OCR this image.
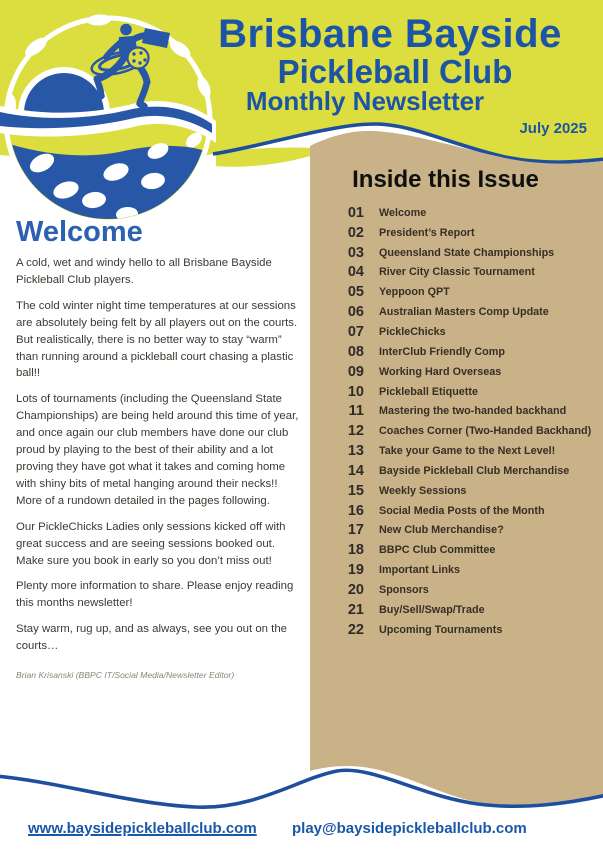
Brisbane Bayside
Pickleball Club
Monthly Newsletter
July 2025
Welcome

A cold, wet and windy hello to all Brisbane Bayside Pickleball Club players.

The cold winter night time temperatures at our sessions are absolutely being felt by all players out on the courts. But realistically, there is no better way to stay “warm” than running around a pickleball court chasing a plastic ball!!

Lots of tournaments (including the Queensland State Championships) are being held around this time of year, and once again our club members have done our club proud by playing to the best of their ability and a lot proving they have got what it takes and coming home with shiny bits of metal hanging around their necks!! More of a rundown detailed in the pages following.

Our PickleChicks Ladies only sessions kicked off with great success and are seeing sessions booked out. Make sure you book in early so you don’t miss out!

Plenty more information to share. Please enjoy reading this months newsletter!

Stay warm, rug up, and as always, see you out on the courts…

Brian Krisanski (BBPC IT/Social Media/Newsletter Editor)
Inside this Issue
01 Welcome
02 President’s Report
03 Queensland State Championships
04 River City Classic Tournament
05 Yeppoon QPT
06 Australian Masters Comp Update
07 PickleChicks
08 InterClub Friendly Comp
09 Working Hard Overseas
10 Pickleball Etiquette
11 Mastering the two-handed backhand
12 Coaches Corner (Two-Handed Backhand)
13 Take your Game to the Next Level!
14 Bayside Pickleball Club Merchandise
15 Weekly Sessions
16 Social Media Posts of the Month
17 New Club Merchandise?
18 BBPC Club Committee
19 Important Links
20 Sponsors
21 Buy/Sell/Swap/Trade
22 Upcoming Tournaments
www.baysidepickleballclub.com play@baysidepickleballclub.com
